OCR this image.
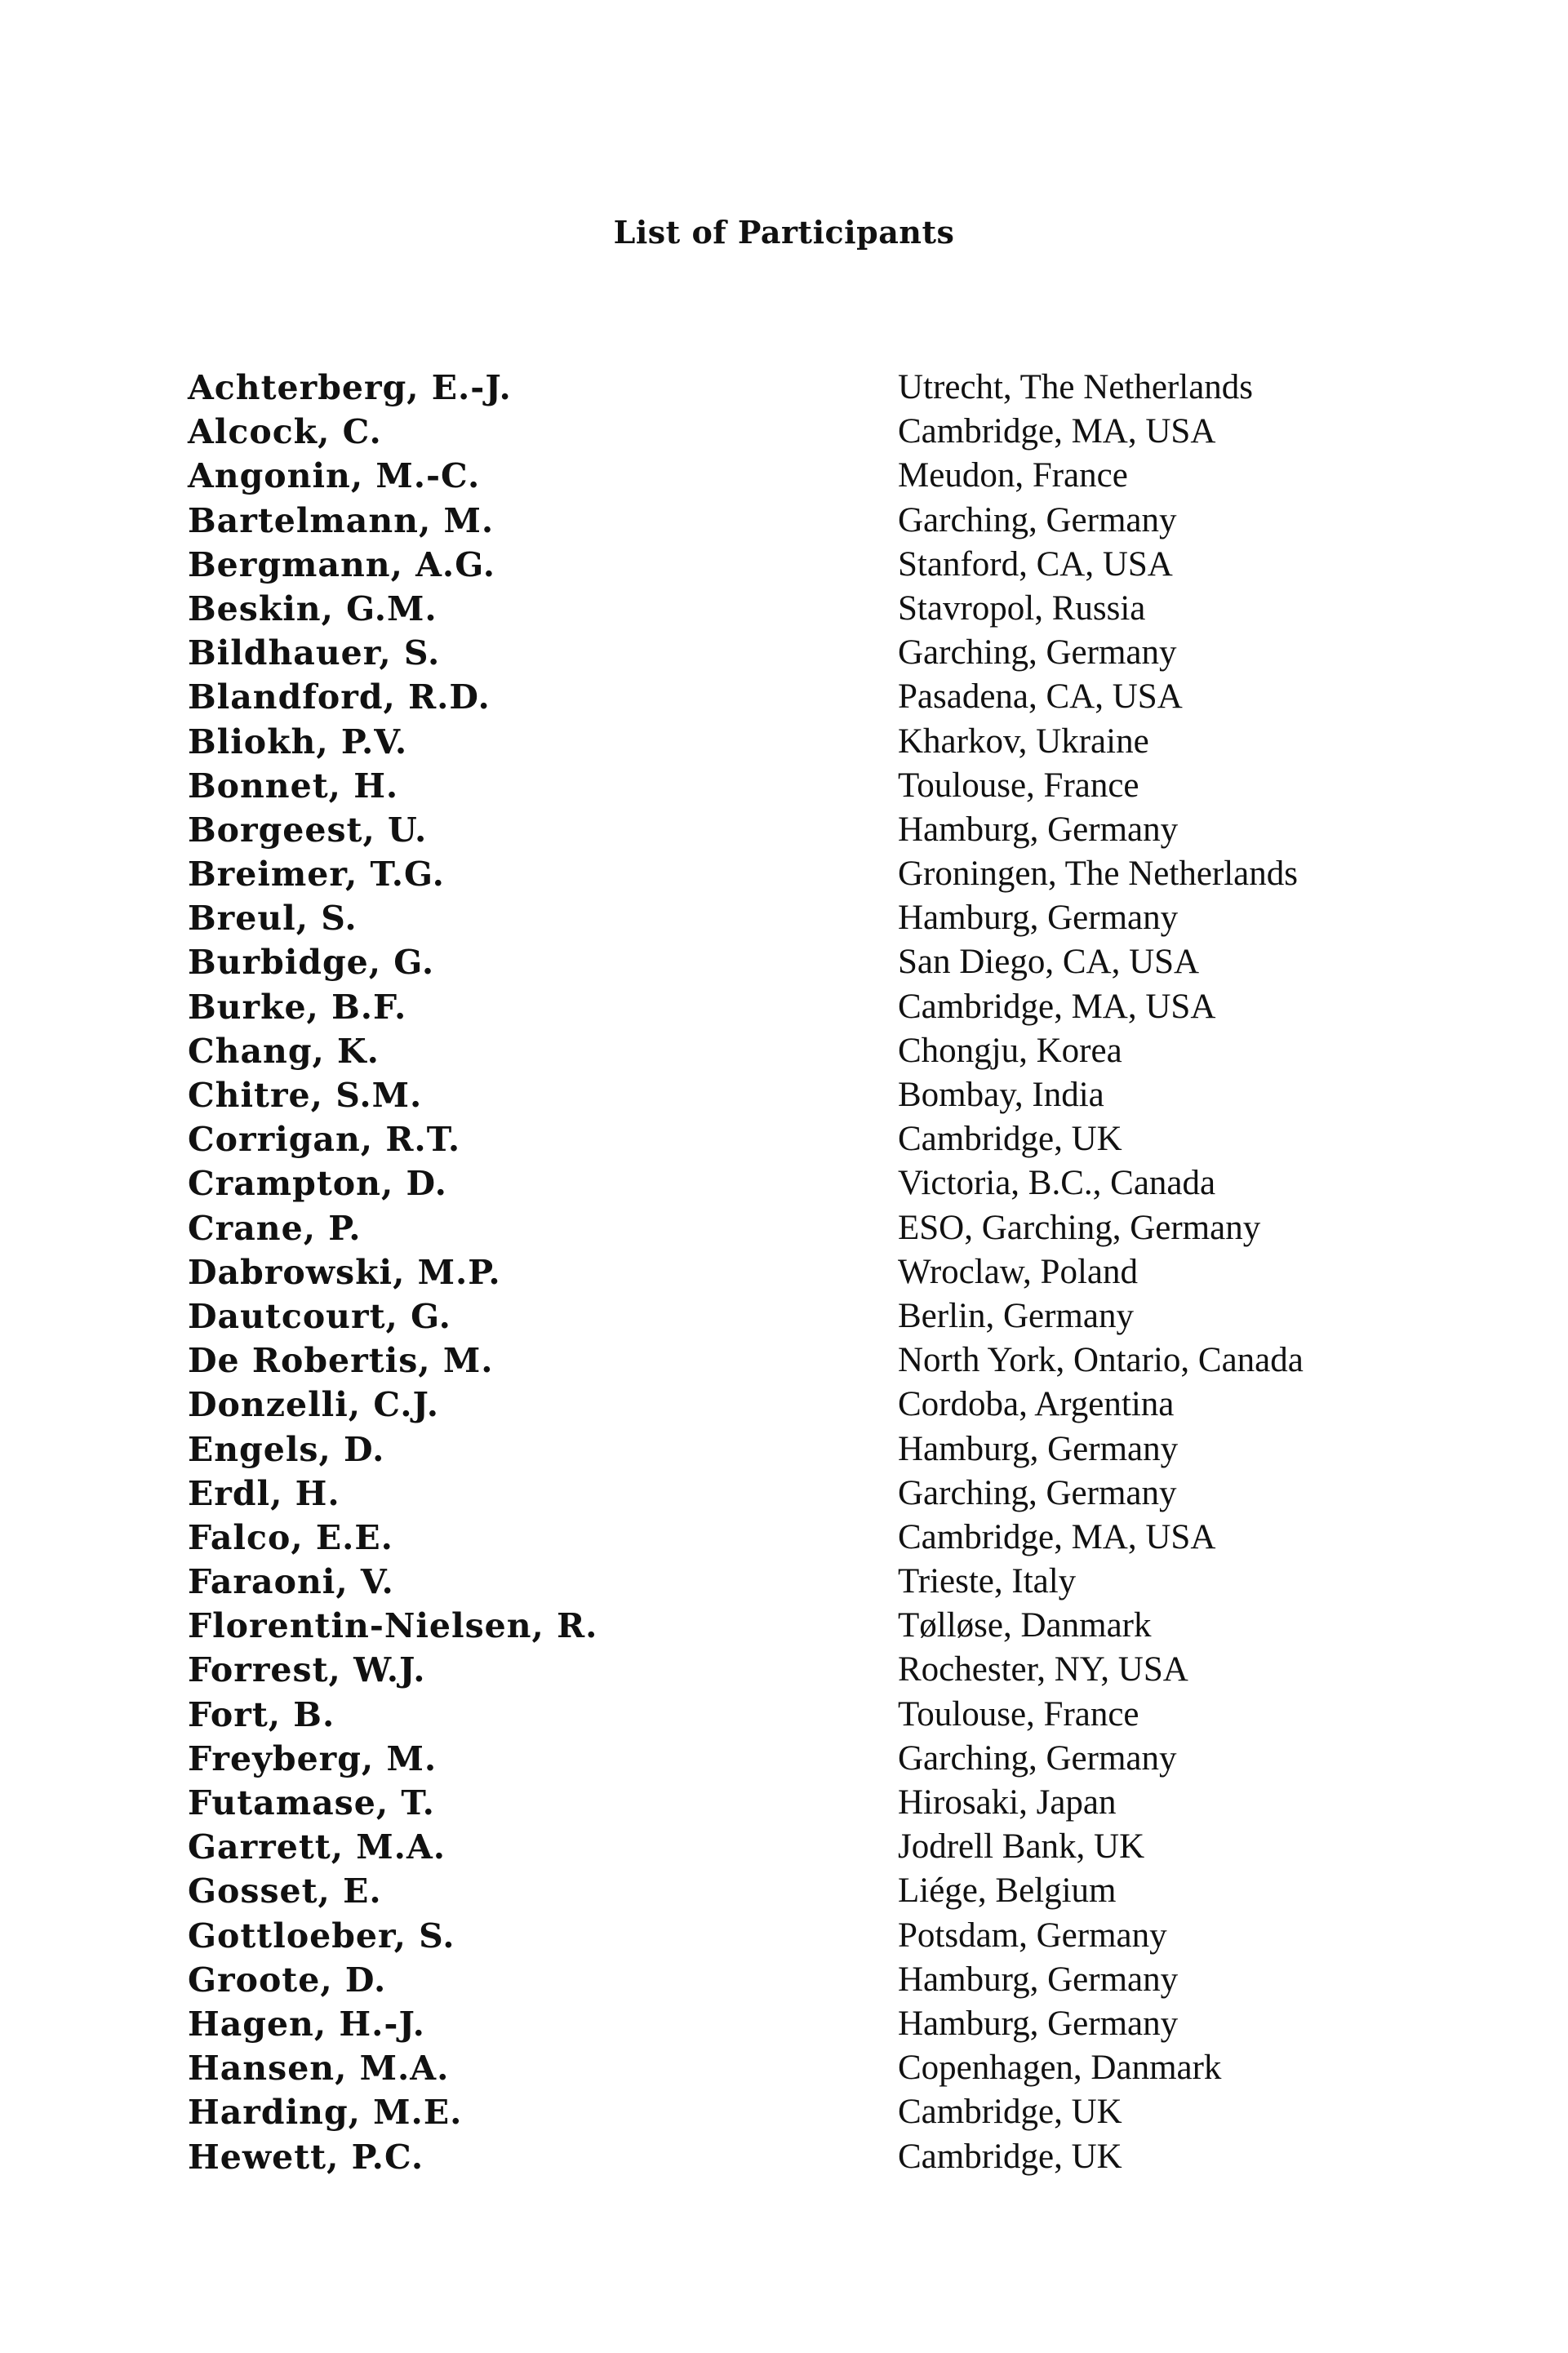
List of Participants
Achterberg, E.-J.	Utrecht, The Netherlands
Alcock, C.	Cambridge, MA, USA
Angonin, M.-C.	Meudon, France
Bartelmann, M.	Garching, Germany
Bergmann, A.G.	Stanford, CA, USA
Beskin, G.M.	Stavropol, Russia
Bildhauer, S.	Garching, Germany
Blandford, R.D.	Pasadena, CA, USA
Bliokh, P.V.	Kharkov, Ukraine
Bonnet, H.	Toulouse, France
Borgeest, U.	Hamburg, Germany
Breimer, T.G.	Groningen, The Netherlands
Breul, S.	Hamburg, Germany
Burbidge, G.	San Diego, CA, USA
Burke, B.F.	Cambridge, MA, USA
Chang, K.	Chongju, Korea
Chitre, S.M.	Bombay, India
Corrigan, R.T.	Cambridge, UK
Crampton, D.	Victoria, B.C., Canada
Crane, P.	ESO, Garching, Germany
Dabrowski, M.P.	Wroclaw, Poland
Dautcourt, G.	Berlin, Germany
De Robertis, M.	North York, Ontario, Canada
Donzelli, C.J.	Cordoba, Argentina
Engels, D.	Hamburg, Germany
Erdl, H.	Garching, Germany
Falco, E.E.	Cambridge, MA, USA
Faraoni, V.	Trieste, Italy
Florentin-Nielsen, R.	Tølløse, Danmark
Forrest, W.J.	Rochester, NY, USA
Fort, B.	Toulouse, France
Freyberg, M.	Garching, Germany
Futamase, T.	Hirosaki, Japan
Garrett, M.A.	Jodrell Bank, UK
Gosset, E.	Liége, Belgium
Gottloeber, S.	Potsdam, Germany
Groote, D.	Hamburg, Germany
Hagen, H.-J.	Hamburg, Germany
Hansen, M.A.	Copenhagen, Danmark
Harding, M.E.	Cambridge, UK
Hewett, P.C.	Cambridge, UK
